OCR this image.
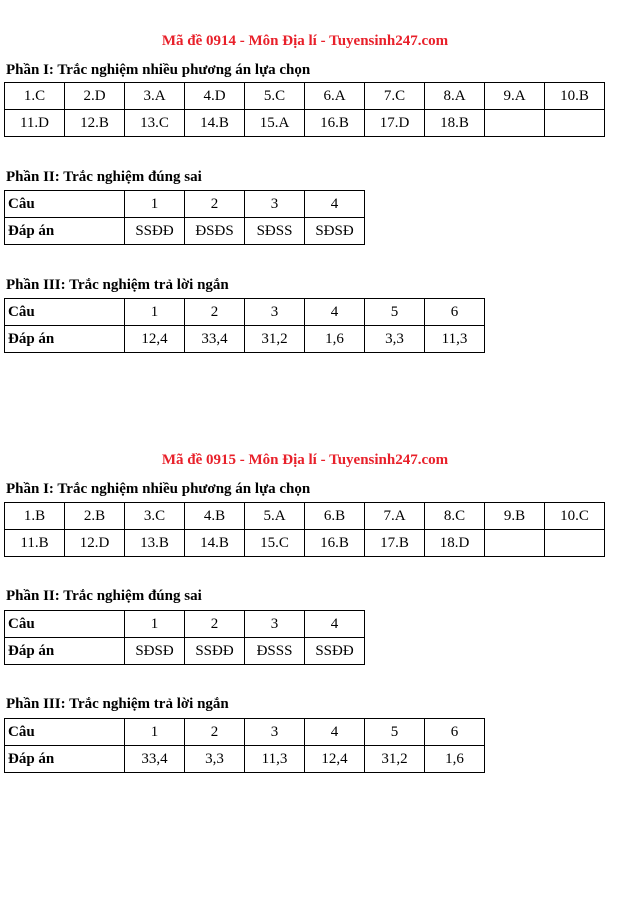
Mã đề 0914 - Môn Địa lí - Tuyensinh247.com
Phần I: Trắc nghiệm nhiều phương án lựa chọn
1.C	2.D	3.A	4.D	5.C	6.A	7.C	8.A	9.A	10.B
11.D	12.B	13.C	14.B	15.A	16.B	17.D	18.B		
Phần II: Trắc nghiệm đúng sai
Câu	1	2	3	4
Đáp án	SSĐĐ	ĐSĐS	SĐSS	SĐSĐ
Phần III: Trắc nghiệm trả lời ngắn
Câu	1	2	3	4	5	6
Đáp án	12,4	33,4	31,2	1,6	3,3	11,3
Mã đề 0915 - Môn Địa lí - Tuyensinh247.com
Phần I: Trắc nghiệm nhiều phương án lựa chọn
1.B	2.B	3.C	4.B	5.A	6.B	7.A	8.C	9.B	10.C
11.B	12.D	13.B	14.B	15.C	16.B	17.B	18.D		
Phần II: Trắc nghiệm đúng sai
Câu	1	2	3	4
Đáp án	SĐSĐ	SSĐĐ	ĐSSS	SSĐĐ
Phần III: Trắc nghiệm trả lời ngắn
Câu	1	2	3	4	5	6
Đáp án	33,4	3,3	11,3	12,4	31,2	1,6
